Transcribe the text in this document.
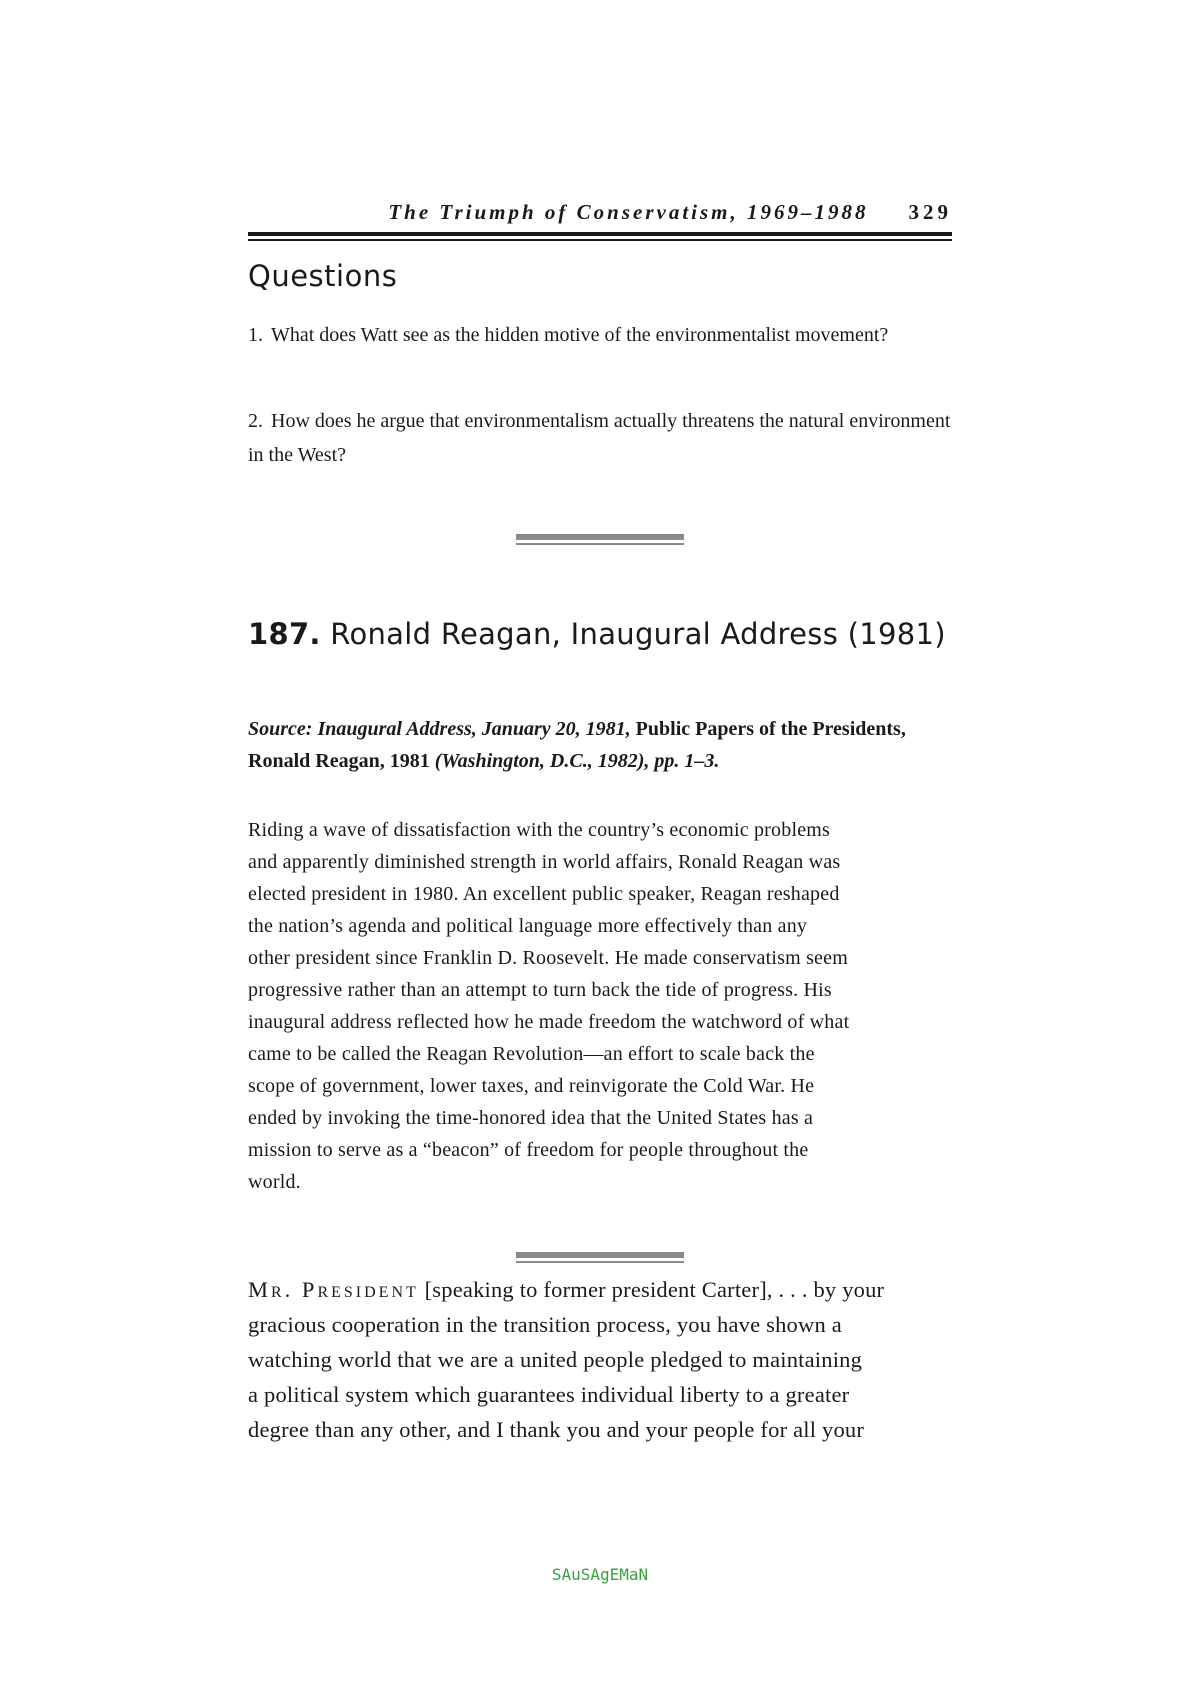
The Triumph of Conservatism, 1969–1988 329
Questions

1. What does Watt see as the hidden motive of the environmentalist movement?

2. How does he argue that environmentalism actually threatens the natural environment in the West?

187. Ronald Reagan, Inaugural Address (1981)

Source: Inaugural Address, January 20, 1981, Public Papers of the Presidents, Ronald Reagan, 1981 (Washington, D.C., 1982), pp. 1–3.

Riding a wave of dissatisfaction with the country’s economic problems
and apparently diminished strength in world affairs, Ronald Reagan was
elected president in 1980. An excellent public speaker, Reagan reshaped
the nation’s agenda and political language more effectively than any
other president since Franklin D. Roosevelt. He made conservatism seem
progressive rather than an attempt to turn back the tide of progress. His
inaugural address reflected how he made freedom the watchword of what
came to be called the Reagan Revolution—an effort to scale back the
scope of government, lower taxes, and reinvigorate the Cold War. He
ended by invoking the time-honored idea that the United States has a
mission to serve as a “beacon” of freedom for people throughout the
world.

Mr. President [speaking to former president Carter], . . . by your
gracious cooperation in the transition process, you have shown a
watching world that we are a united people pledged to maintaining
a political system which guarantees individual liberty to a greater
degree than any other, and I thank you and your people for all your

SAuSAgEMaN
